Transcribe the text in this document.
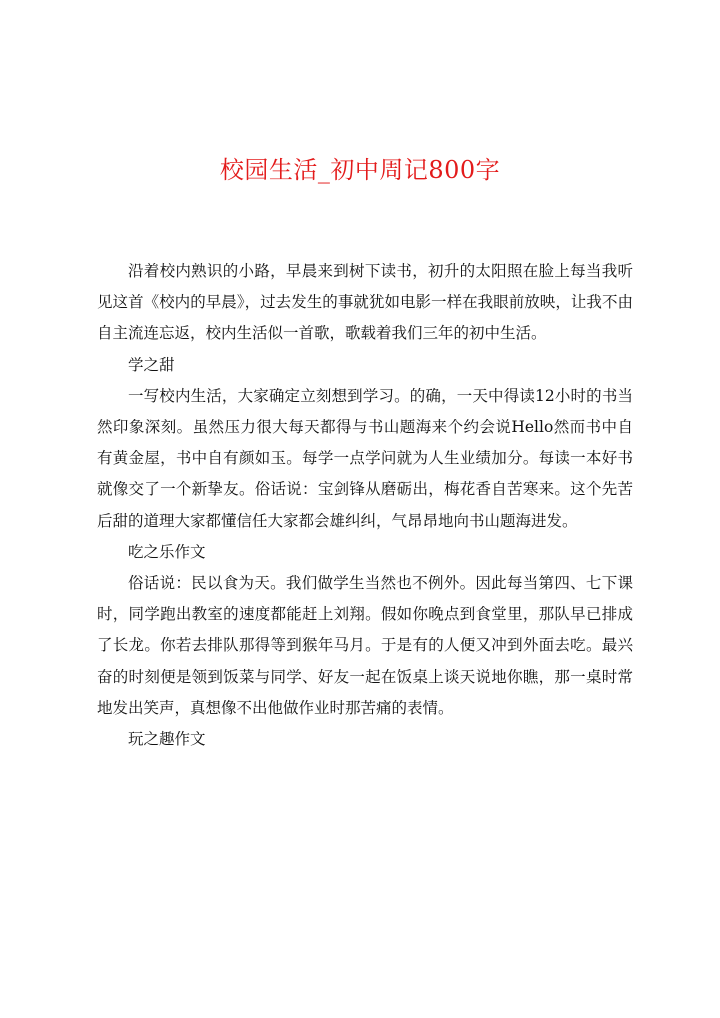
校园生活_初中周记800字

沿着校内熟识的小路，早晨来到树下读书，初升的太阳照在脸上每当我听见这首《校内的早晨》，过去发生的事就犹如电影一样在我眼前放映，让我不由自主流连忘返，校内生活似一首歌，歌载着我们三年的初中生活。

学之甜

一写校内生活，大家确定立刻想到学习。的确，一天中得读12小时的书当然印象深刻。虽然压力很大每天都得与书山题海来个约会说Hello然而书中自有黄金屋，书中自有颜如玉。每学一点学问就为人生业绩加分。每读一本好书就像交了一个新挚友。俗话说：宝剑锋从磨砺出，梅花香自苦寒来。这个先苦后甜的道理大家都懂信任大家都会雄纠纠，气昂昂地向书山题海进发。

吃之乐作文

俗话说：民以食为天。我们做学生当然也不例外。因此每当第四、七下课时，同学跑出教室的速度都能赶上刘翔。假如你晚点到食堂里，那队早已排成了长龙。你若去排队那得等到猴年马月。于是有的人便又冲到外面去吃。最兴奋的时刻便是领到饭菜与同学、好友一起在饭桌上谈天说地你瞧，那一桌时常地发出笑声，真想像不出他做作业时那苦痛的表情。

玩之趣作文
